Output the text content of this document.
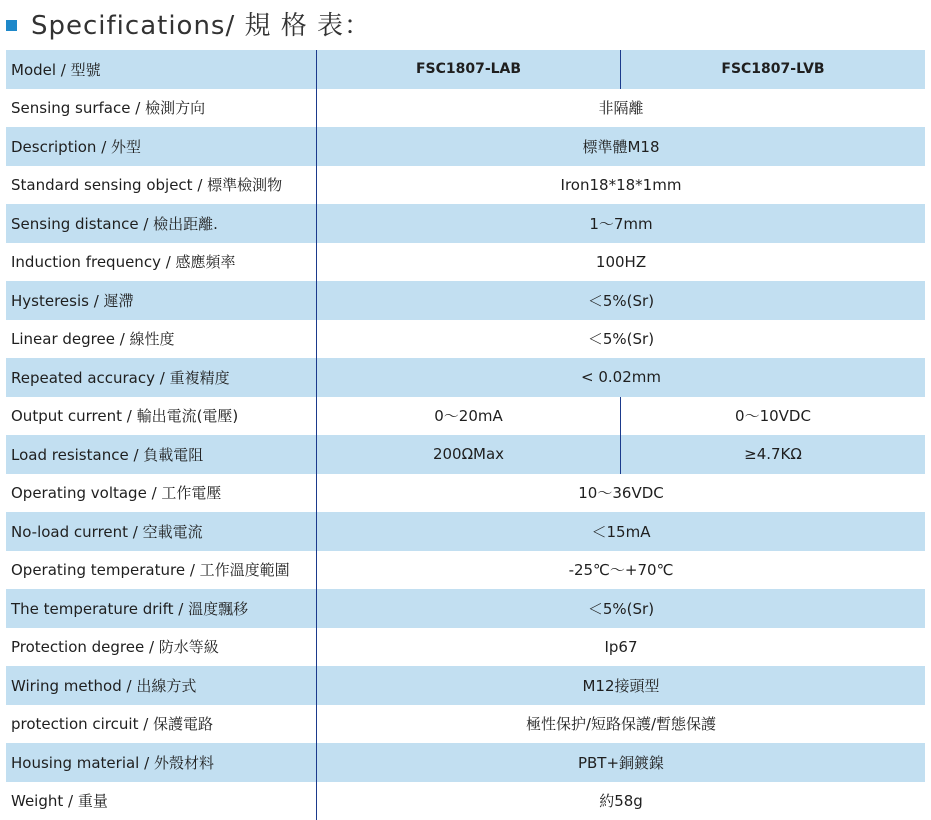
Specifications/ 規 格 表：
Model / 型號	FSC1807-LAB	FSC1807-LVB
Sensing surface / 檢測方向	非隔離
Description / 外型	標準體M18
Standard sensing object / 標準檢測物	Iron18*18*1mm
Sensing distance / 檢出距離.	1～7mm
Induction frequency / 感應頻率	100HZ
Hysteresis / 遲滯	＜5%(Sr)
Linear degree / 線性度	＜5%(Sr)
Repeated accuracy / 重複精度	< 0.02mm
Output current / 輸出電流(電壓)	0～20mA	0～10VDC
Load resistance / 負載電阻	200ΩMax	≥4.7KΩ
Operating voltage / 工作電壓	10～36VDC
No-load current / 空載電流	＜15mA
Operating temperature / 工作溫度範圍	-25℃～+70℃
The temperature drift / 溫度飄移	＜5%(Sr)
Protection degree / 防水等級	Ip67
Wiring method / 出線方式	M12接頭型
protection circuit / 保護電路	極性保护/短路保護/暫態保護
Housing material / 外殼材料	PBT+銅鍍鎳
Weight / 重量	約58g
